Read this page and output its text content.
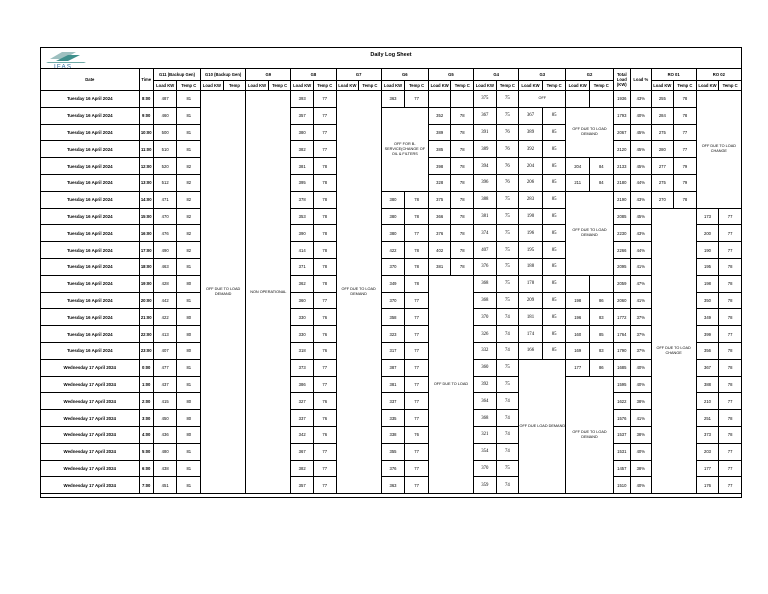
IFAS
Daily Log Sheet
Date	Time	G11 (Backup Gen)		G10 (Backup Gen)		G9		G8		G7		G6		G5		G4		G3		G2		Total Load (KW)	Load %	RO 01		RO 02	
		Load KW	Temp C	Load KW	Temp	Load KW	Temp C	Load KW	Temp C	Load KW	Temp C	Load KW	Temp C	Load KW	Temp C	Load KW	Temp C	Load KW	Temp C	Load KW	Temp C			Load KW	Temp C	Load KW	Temp C
Tuesday 16 April 2024	8:00	487	81	OFF DUE TO LOAD DEMAND		NON OPERATIONAL		393	77	OFF DUE TO LOAD DEMAND		363	77			375	75	OFF				1936	43%	255	78	OFF DUE TO LOAD CHANGE	
Tuesday 16 April 2024	9:00	460	81					357	77			OFF FOR B-SERVICE(CHANGE OF OIL & FILTERS		352	78	367	75	367	85	OFF DUE TO LOAD DEMAND		1793	40%	284	78		
Tuesday 16 April 2024	10:00	500	81					380	77					389	78	391	76	389	85			2067	45%	275	77		
Tuesday 16 April 2024	11:00	510	81					382	77					385	78	389	76	392	85			2120	45%	280	77		
Tuesday 16 April 2024	12:00	520	82					381	78					398	78	394	76	204	85	204	84	2133	45%	277	79		
Tuesday 16 April 2024	13:00	512	82					395	78					328	78	396	76	206	85	211	84	2180	44%	275	79		
Tuesday 16 April 2024	14:00	471	82					378	78			380	78	375	78	388	75	283	85	OFF DUE TO LOAD DEMAND		2190	43%	270	78		
Tuesday 16 April 2024	15:00	470	82					353	78			380	78	366	78	381	75	190	85			2085	45%	OFF DUE TO LOAD CHANGE		173	77
Tuesday 16 April 2024	16:00	476	82					390	78			380	77	376	78	374	75	196	85			2230	43%			200	77
Tuesday 16 April 2024	17:00	490	82					414	78			422	78	402	78	407	75	195	85			2266	44%			190	77
Tuesday 16 April 2024	18:00	463	81					371	78			370	78	381	78	376	75	188	85			2095	41%			195	78
Tuesday 16 April 2024	19:00	428	80					362	78			349	78	OFF DUE TO LOAD		368	75	178	85			2059	47%			198	78
Tuesday 16 April 2024	20:00	442	81					360	77			370	77			368	75	209	85	198	86	2060	41%			350	78
Tuesday 16 April 2024	21:00	422	80					330	76			358	77			370	74	181	85	196	83	1772	37%			349	78
Tuesday 16 April 2024	22:00	413	80					330	76			323	77			326	74	174	85	160	85	1764	37%			399	77
Tuesday 16 April 2024	23:00	407	80					318	76			317	77			332	74	166	85	169	83	1790	37%			356	78
Wednesday 17 April 2024	0:00	477	81					373	77			387	77			360	75	OFF DUE LOAD DEMAND		177	86	1685	40%			367	78
Wednesday 17 April 2024	1:00	437	81					386	77			381	77			392	75			OFF DUE TO LOAD DEMAND		1595	40%			388	78
Wednesday 17 April 2024	2:00	415	80					327	76			337	77			364	74					1622	38%			210	77
Wednesday 17 April 2024	3:00	450	80					337	76			335	77			368	74					1576	41%			251	78
Wednesday 17 April 2024	4:00	436	80					342	76			338	76			321	74					1537	38%			373	78
Wednesday 17 April 2024	5:00	480	81					367	77			355	77			354	74					1531	40%			203	77
Wednesday 17 April 2024	6:00	438	81					382	77			376	77			370	75					1457	38%			177	77
Wednesday 17 April 2024	7:00	451	81					357	77			363	77			359	74					1510	40%			176	77
